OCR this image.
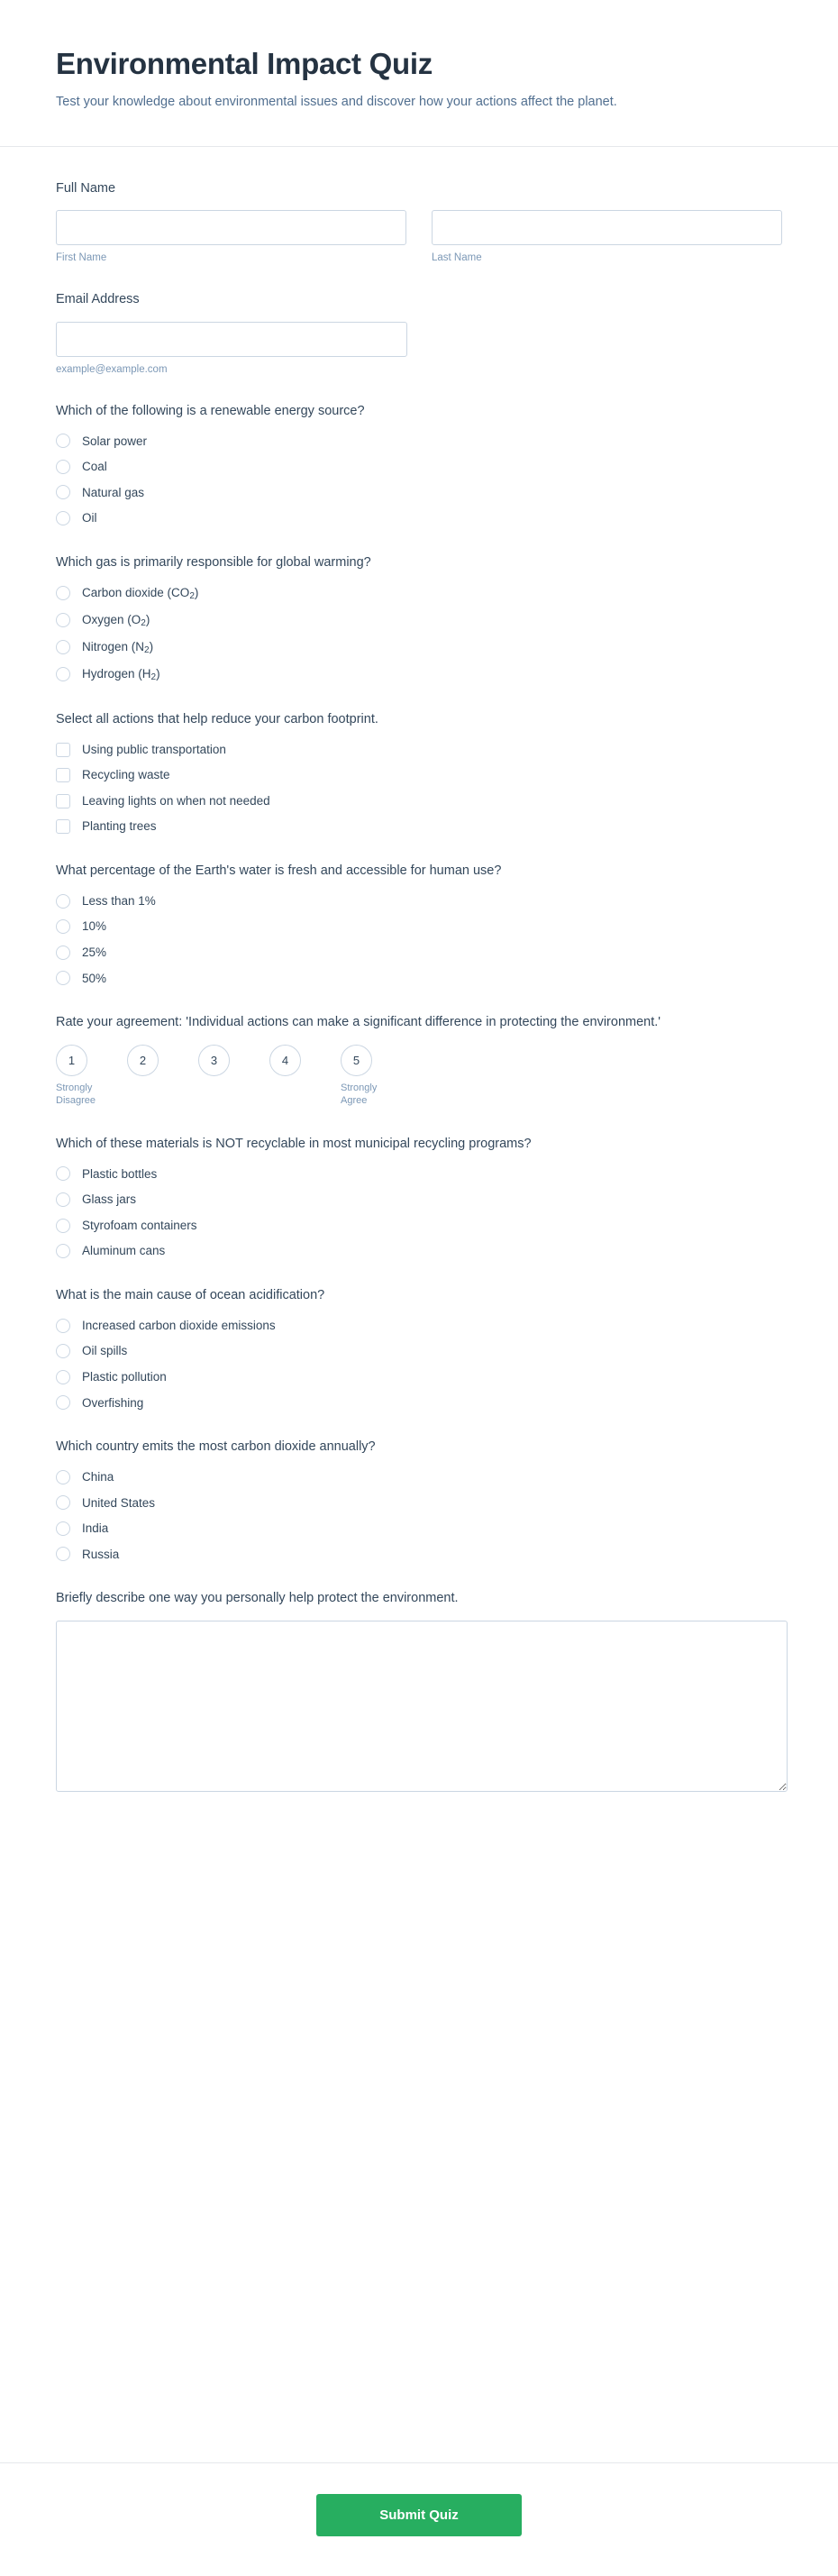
Environmental Impact Quiz

Test your knowledge about environmental issues and discover how your actions affect the planet.

Full Name
First Name	Last Name
Email Address
example@example.com
Which of the following is a renewable energy source?
Solar power
Coal
Natural gas
Oil
Which gas is primarily responsible for global warming?
Carbon dioxide $(CO_2)$
Oxygen $(O_2)$
Nitrogen $(N_2)$
Hydrogen $(H_2)$
Select all actions that help reduce your carbon footprint.
Using public transportation
Recycling waste
Leaving lights on when not needed
Planting trees
What percentage of the Earth's water is fresh and accessible for human use?
Less than 1%
10%
25%
50%
Rate your agreement: 'Individual actions can make a significant difference in protecting the environment.'
1
Strongly Disagree
2	3	4	5
Strongly Agree
Which of these materials is NOT recyclable in most municipal recycling programs?
Plastic bottles
Glass jars
Styrofoam containers
Aluminum cans
What is the main cause of ocean acidification?
Increased carbon dioxide emissions
Oil spills
Plastic pollution
Overfishing
Which country emits the most carbon dioxide annually?
China
United States
India
Russia
Briefly describe one way you personally help protect the environment.
Submit Quiz
